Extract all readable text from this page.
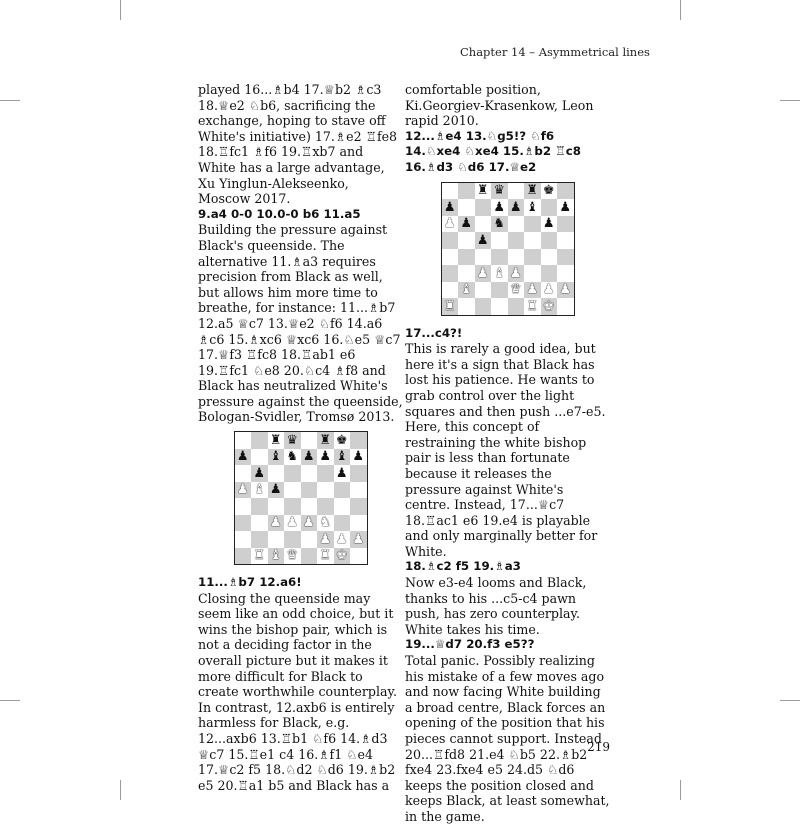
Chapter 14 – Asymmetrical lines

played 16...♗b4 17.♕b2 ♗c3 18.♕e2 ♘b6, sacrificing the exchange, hoping to stave off White's initiative) 17.♗e2 ♖fe8 18.♖fc1 ♗f6 19.♖xb7 and White has a large advantage, Xu Yinglun-Alekseenko, Moscow 2017.

9.a4 0-0 10.0-0 b6 11.a5

Building the pressure against Black's queenside. The alternative 11.♗a3 requires precision from Black as well, but allows him more time to breathe, for instance: 11...♗b7 12.a5 ♕c7 13.♕e2 ♘f6 14.a6 ♗c6 15.♗xc6 ♕xc6 16.♘e5 ♕c7 17.♕f3 ♖fc8 18.♖ab1 e6 19.♖fc1 ♘e8 20.♘c4 ♗f8 and Black has neutralized White's pressure against the queenside, Bologan-Svidler, Tromsø 2013.

♜ ♛ ♜ ♚
♟ ♝ ♞ ♟ ♟ ♝ ♟
♟	♟
♟ ♝ ♟
♟ ♟ ♟ ♞
♟ ♟ ♟
♜ ♝ ♛ ♜ ♚

11...♗b7 12.a6!

Closing the queenside may seem like an odd choice, but it wins the bishop pair, which is not a deciding factor in the overall picture but it makes it more difficult for Black to create worthwhile counterplay. In contrast, 12.axb6 is entirely harmless for Black, e.g. 12...axb6 13.♖b1 ♘f6 14.♗d3 ♕c7 15.♖e1 c4 16.♗f1 ♘e4 17.♕c2 f5 18.♘d2 ♘d6 19.♗b2 e5 20.♖a1 b5 and Black has a

comfortable position, Ki.Georgiev-Krasenkow, Leon rapid 2010.

12...♗e4 13.♘g5!? ♘f6 14.♘xe4 ♘xe4 15.♗b2 ♖c8 16.♗d3 ♘d6 17.♕e2

♜ ♛ ♜ ♚
♟	♟ ♟ ♝ ♟
♟ ♟ ♞	♟
♟
♟ ♝ ♟
♝	♛ ♟ ♟ ♟
♜	♜ ♚

17...c4?!

This is rarely a good idea, but here it's a sign that Black has lost his patience. He wants to grab control over the light squares and then push ...e7-e5. Here, this concept of restraining the white bishop pair is less than fortunate because it releases the pressure against White's centre. Instead, 17...♕c7 18.♖ac1 e6 19.e4 is playable and only marginally better for White.

18.♗c2 f5 19.♗a3

Now e3-e4 looms and Black, thanks to his ...c5-c4 pawn push, has zero counterplay. White takes his time.

19...♕d7 20.f3 e5??

Total panic. Possibly realizing his mistake of a few moves ago and now facing White building a broad centre, Black forces an opening of the position that his pieces cannot support. Instead 20...♖fd8 21.e4 ♘b5 22.♗b2 fxe4 23.fxe4 e5 24.d5 ♘d6 keeps the position closed and keeps Black, at least somewhat, in the game.

219
